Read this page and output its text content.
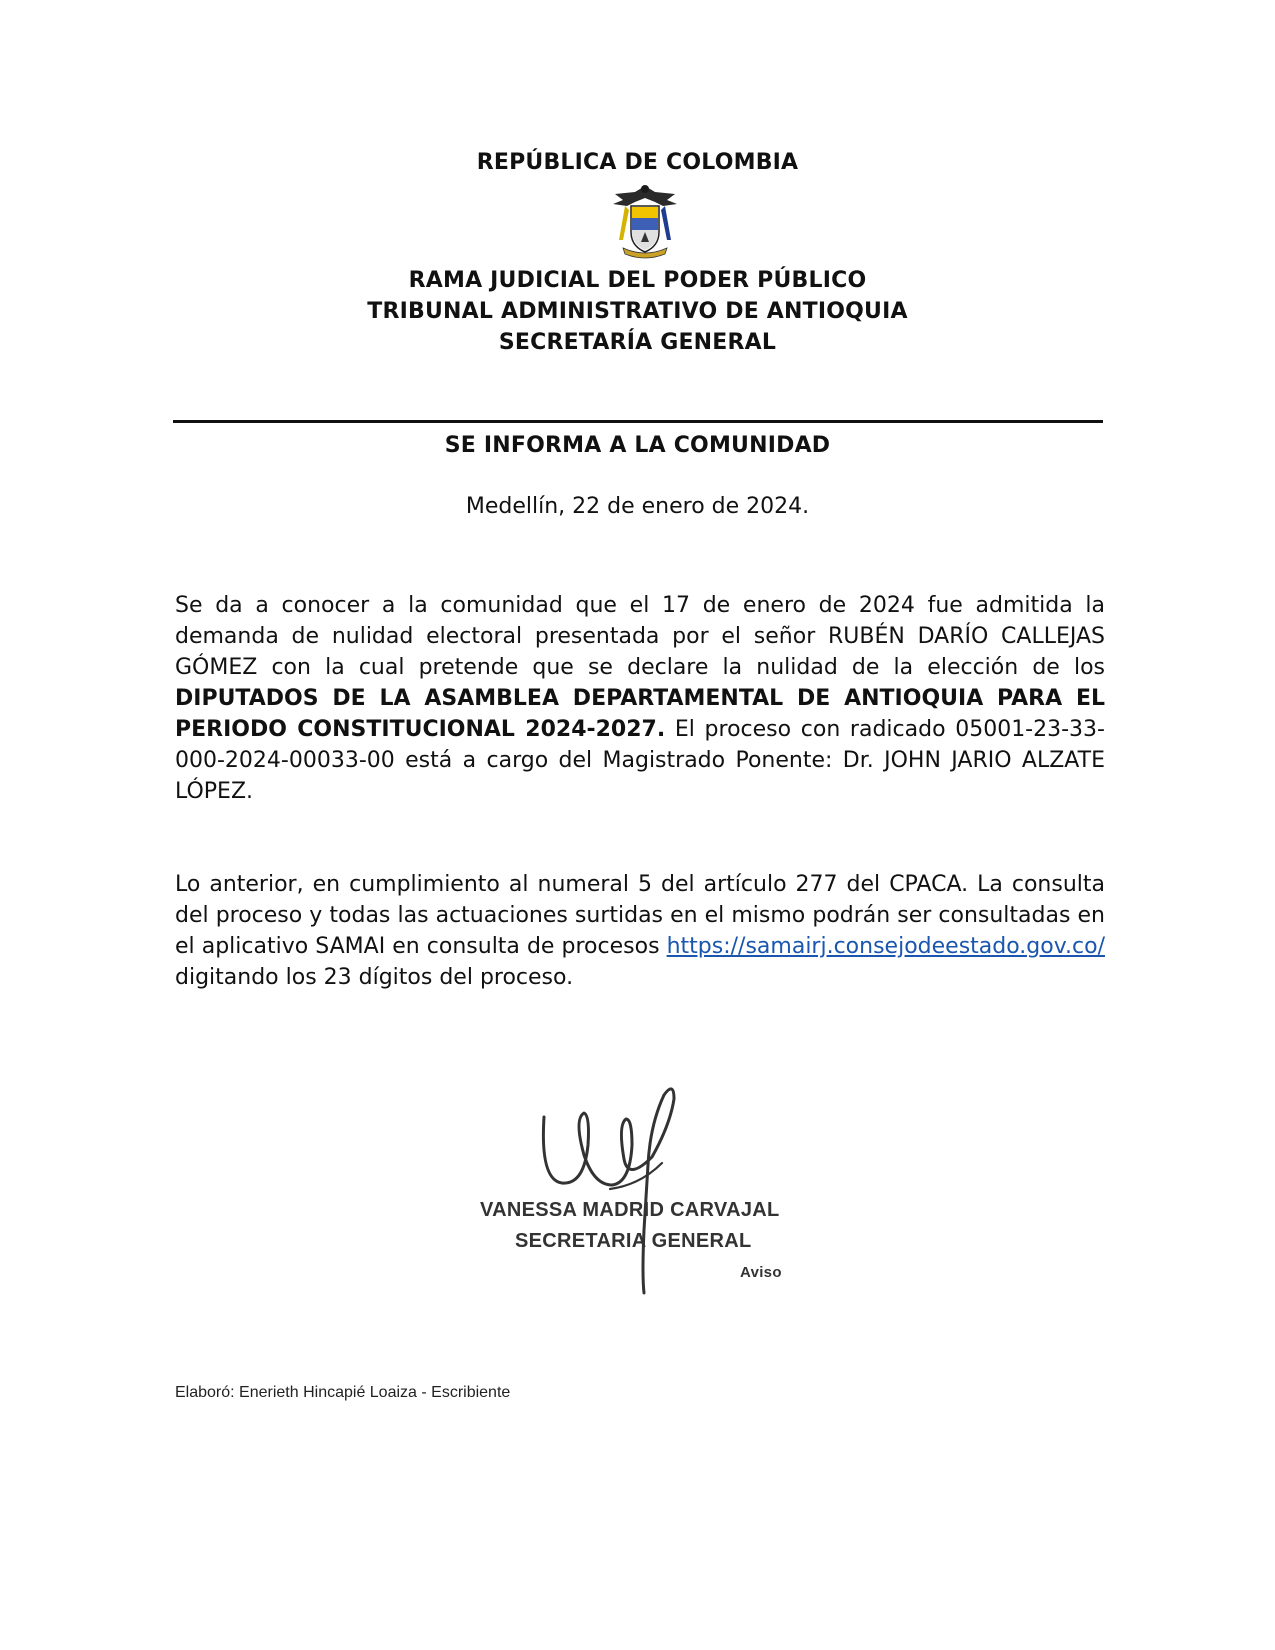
REPÚBLICA DE COLOMBIA
RAMA JUDICIAL DEL PODER PÚBLICO
TRIBUNAL ADMINISTRATIVO DE ANTIOQUIA
SECRETARÍA GENERAL
SE INFORMA A LA COMUNIDAD
Medellín, 22 de enero de 2024.
Se da a conocer a la comunidad que el 17 de enero de 2024 fue admitida la demanda de nulidad electoral presentada por el señor RUBÉN DARÍO CALLEJAS GÓMEZ con la cual pretende que se declare la nulidad de la elección de los DIPUTADOS DE LA ASAMBLEA DEPARTAMENTAL DE ANTIOQUIA PARA EL PERIODO CONSTITUCIONAL 2024-2027. El proceso con radicado 05001-23-33-000-2024-00033-00 está a cargo del Magistrado Ponente: Dr. JOHN JARIO ALZATE LÓPEZ.
Lo anterior, en cumplimiento al numeral 5 del artículo 277 del CPACA. La consulta del proceso y todas las actuaciones surtidas en el mismo podrán ser consultadas en el aplicativo SAMAI en consulta de procesos https://samairj.consejodeestado.gov.co/ digitando los 23 dígitos del proceso.
VANESSA MADRID CARVAJAL
SECRETARIA GENERAL
Aviso
Elaboró: Enerieth Hincapié Loaiza - Escribiente
